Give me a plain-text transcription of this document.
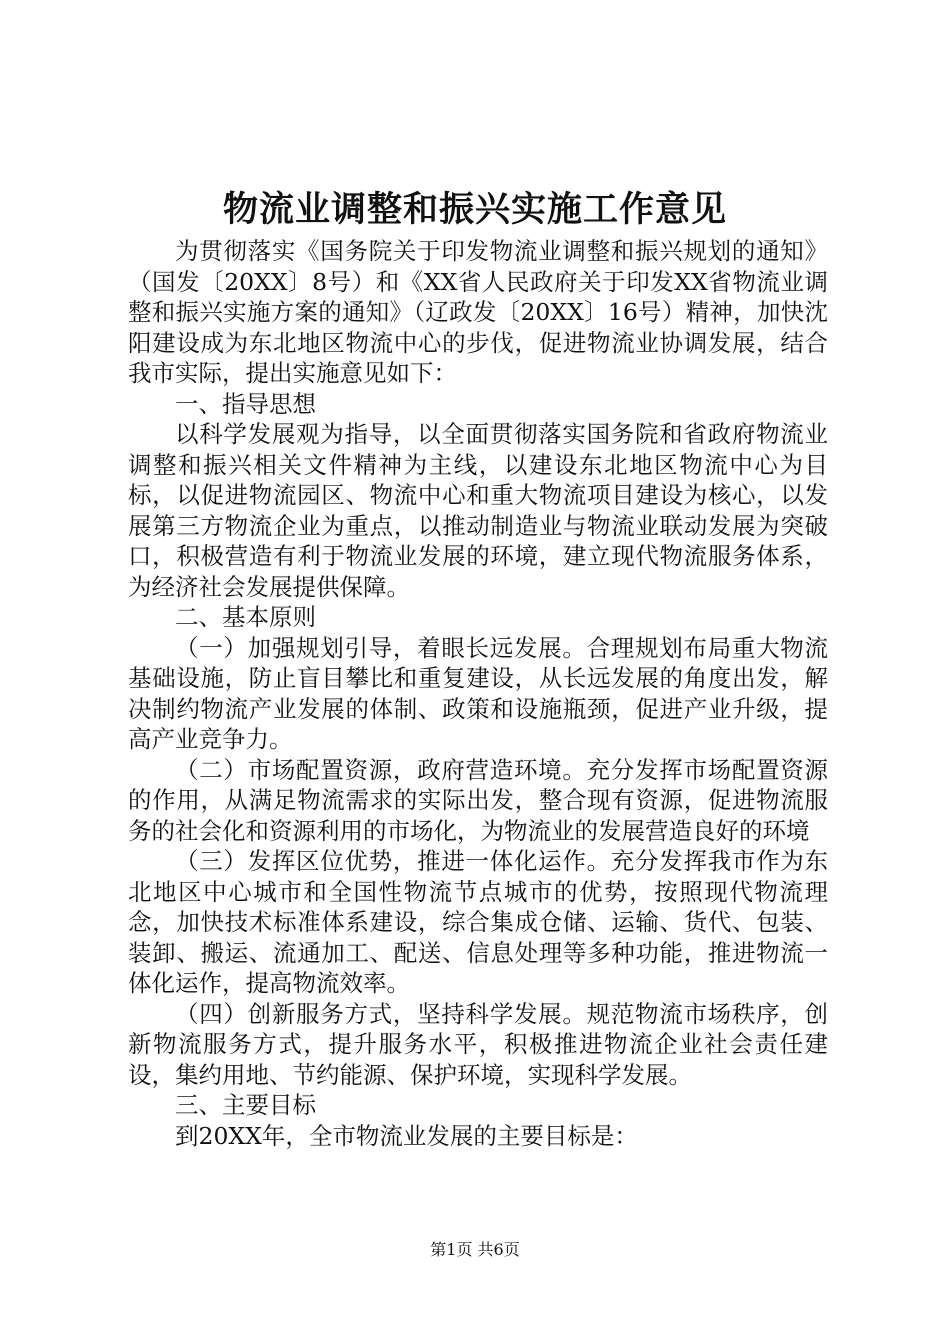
物流业调整和振兴实施工作意见

为贯彻落实《国务院关于印发物流业调整和振兴规划的通知》（国发〔20XX〕8号）和《XX省人民政府关于印发XX省物流业调整和振兴实施方案的通知》（辽政发〔20XX〕16号）精神，加快沈阳建设成为东北地区物流中心的步伐，促进物流业协调发展，结合我市实际，提出实施意见如下：

一、指导思想

以科学发展观为指导，以全面贯彻落实国务院和省政府物流业调整和振兴相关文件精神为主线，以建设东北地区物流中心为目标，以促进物流园区、物流中心和重大物流项目建设为核心，以发展第三方物流企业为重点，以推动制造业与物流业联动发展为突破口，积极营造有利于物流业发展的环境，建立现代物流服务体系，为经济社会发展提供保障。

二、基本原则

（一）加强规划引导，着眼长远发展。合理规划布局重大物流基础设施，防止盲目攀比和重复建设，从长远发展的角度出发，解决制约物流产业发展的体制、政策和设施瓶颈，促进产业升级，提高产业竞争力。

（二）市场配置资源，政府营造环境。充分发挥市场配置资源的作用，从满足物流需求的实际出发，整合现有资源，促进物流服务的社会化和资源利用的市场化，为物流业的发展营造良好的环境

（三）发挥区位优势，推进一体化运作。充分发挥我市作为东北地区中心城市和全国性物流节点城市的优势，按照现代物流理念，加快技术标准体系建设，综合集成仓储、运输、货代、包装、装卸、搬运、流通加工、配送、信息处理等多种功能，推进物流一体化运作，提高物流效率。

（四）创新服务方式，坚持科学发展。规范物流市场秩序，创新物流服务方式，提升服务水平，积极推进物流企业社会责任建设，集约用地、节约能源、保护环境，实现科学发展。

三、主要目标

到20XX年，全市物流业发展的主要目标是：

第1页 共6页
